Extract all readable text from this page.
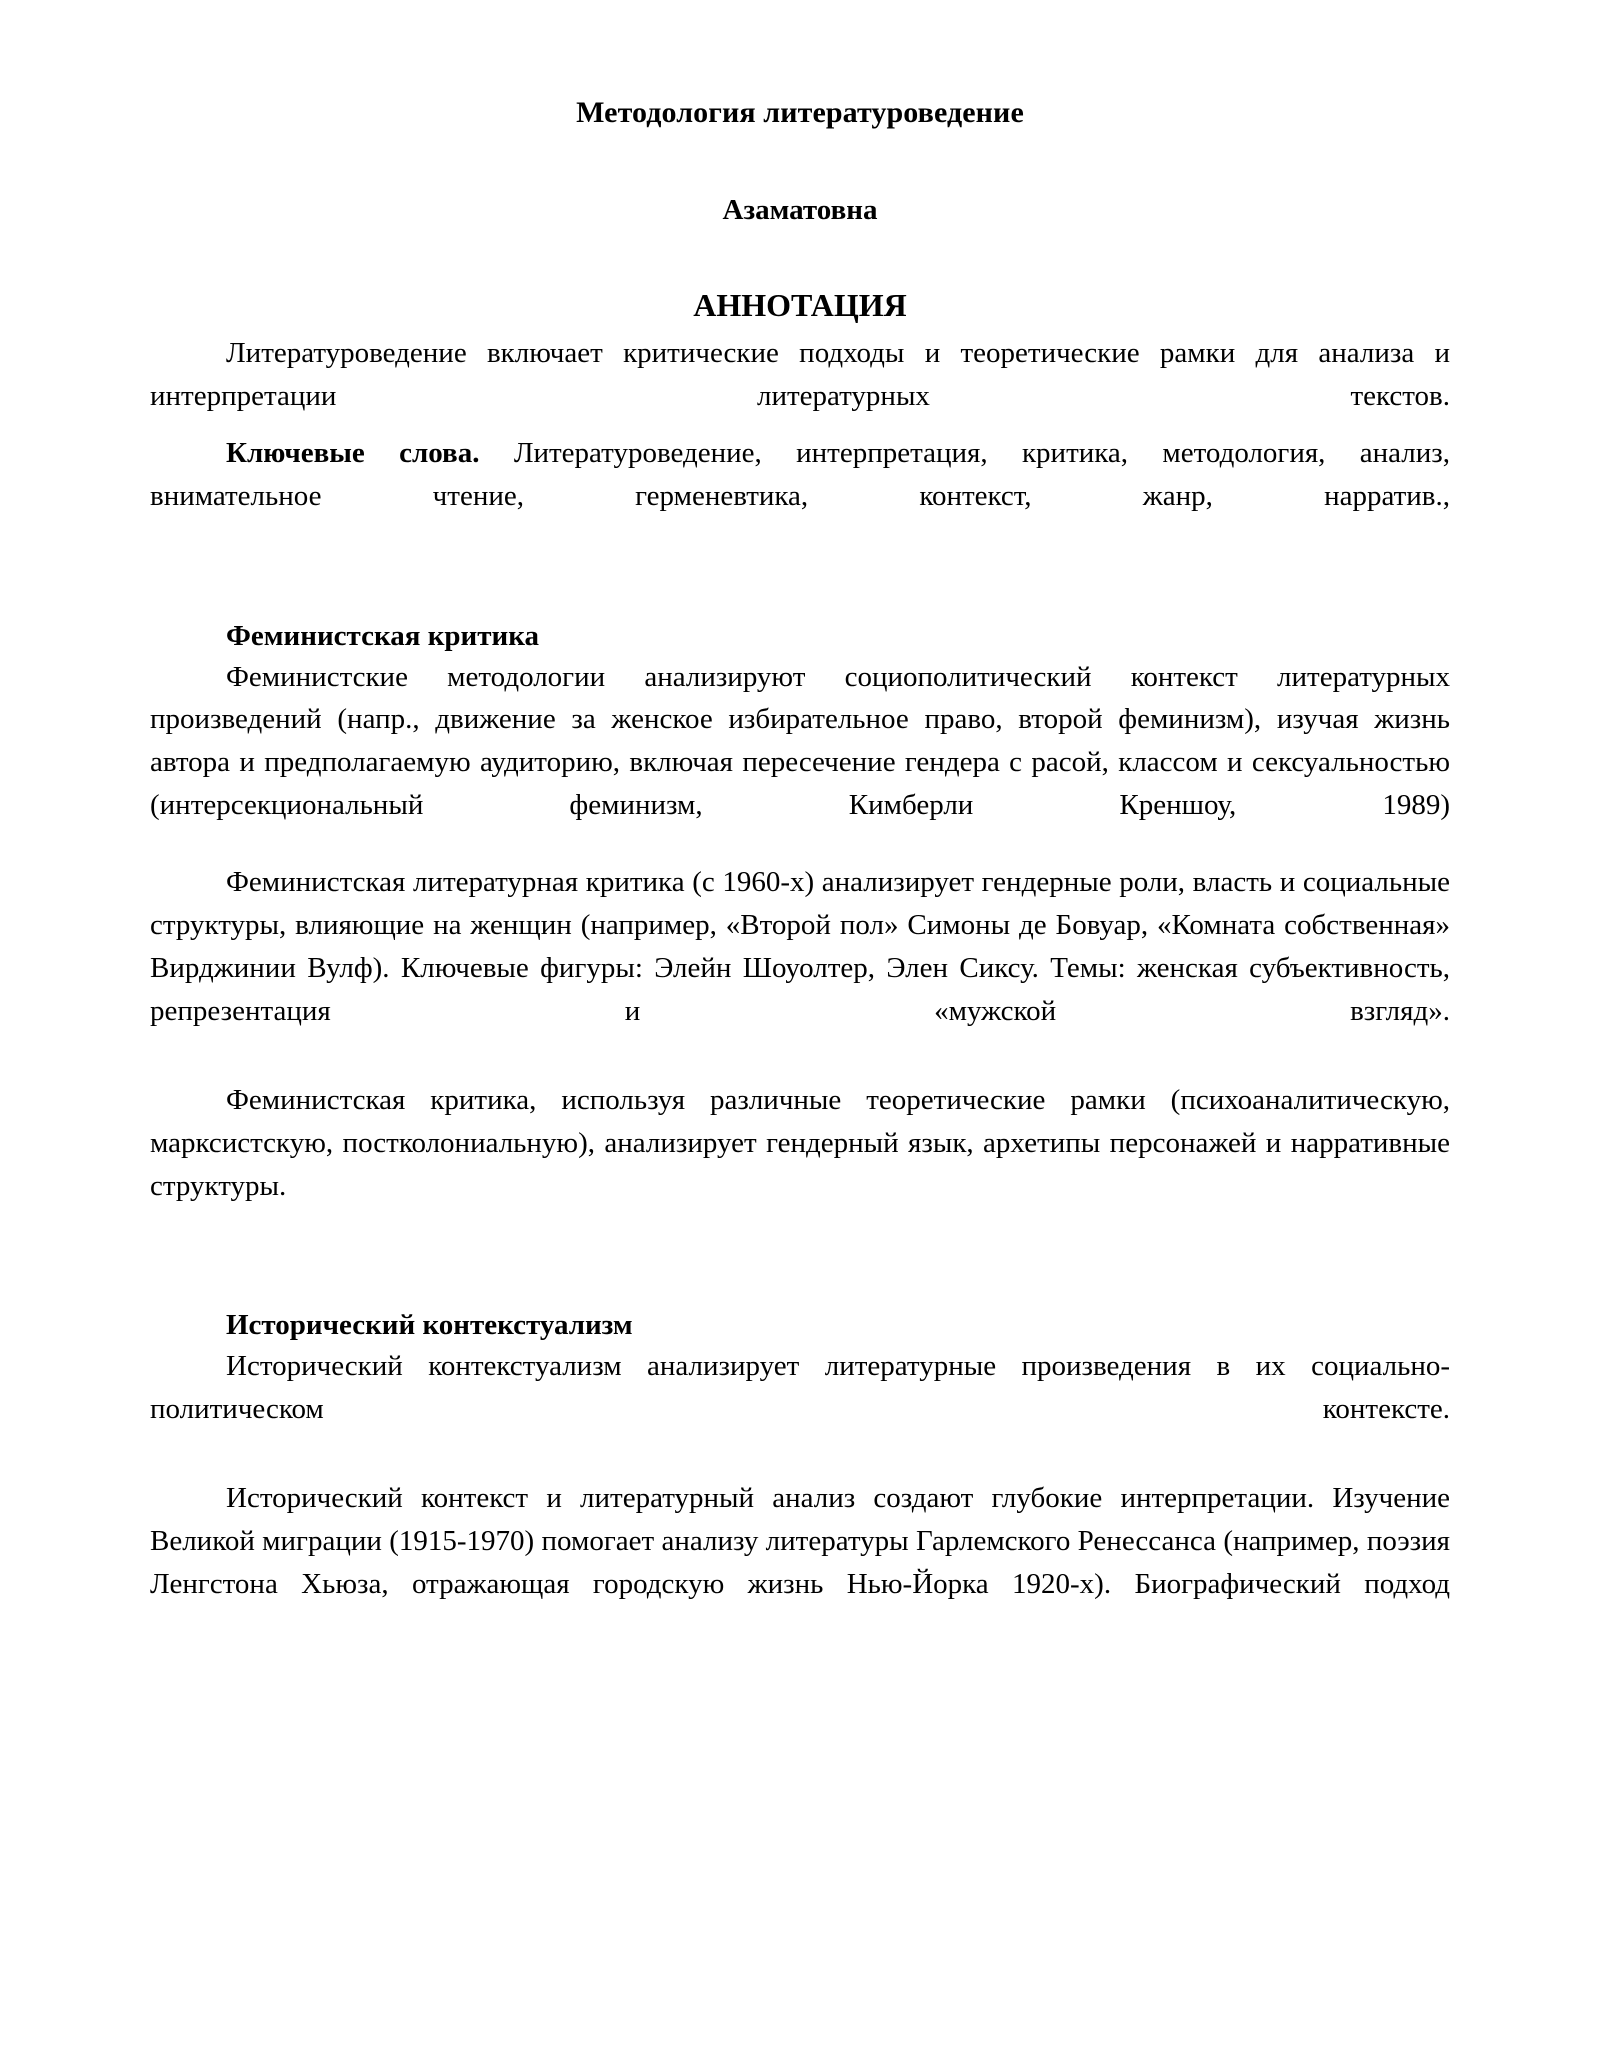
Методология литературоведение
Азаматовна
АННОТАЦИЯ

Литературоведение включает критические подходы и теоретические рамки для анализа и интерпретации литературных текстов.

Ключевые слова. Литературоведение, интерпретация, критика, методология, анализ, внимательное чтение, герменевтика, контекст, жанр, нарратив.,

Феминистская критика

Феминистские методологии анализируют социополитический контекст литературных произведений (напр., движение за женское избирательное право, второй феминизм), изучая жизнь автора и предполагаемую аудиторию, включая пересечение гендера с расой, классом и сексуальностью (интерсекциональный феминизм, Кимберли Креншоу, 1989)

Феминистская литературная критика (с 1960-х) анализирует гендерные роли, власть и социальные структуры, влияющие на женщин (например, «Второй пол» Симоны де Бовуар, «Комната собственная» Вирджинии Вулф). Ключевые фигуры: Элейн Шоуолтер, Элен Сиксу. Темы: женская субъективность, репрезентация и «мужской взгляд».

Феминистская критика, используя различные теоретические рамки (психоаналитическую, марксистскую, постколониальную), анализирует гендерный язык, архетипы персонажей и нарративные структуры.

Исторический контекстуализм

Исторический контекстуализм анализирует литературные произведения в их социально-политическом контексте.

Исторический контекст и литературный анализ создают глубокие интерпретации. Изучение Великой миграции (1915-1970) помогает анализу литературы Гарлемского Ренессанса (например, поэзия Ленгстона Хьюза, отражающая городскую жизнь Нью-Йорка 1920-х). Биографический подход
